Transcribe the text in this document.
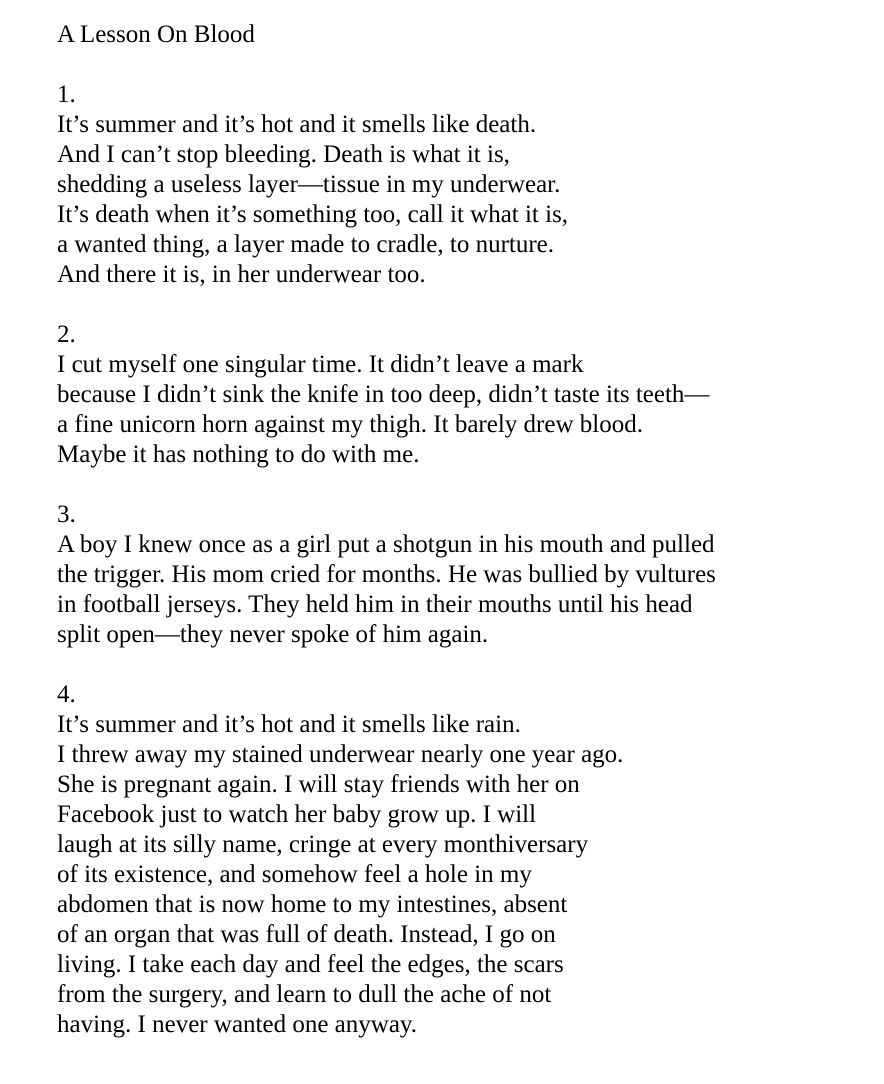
A Lesson On Blood
1.
It’s summer and it’s hot and it smells like death.
And I can’t stop bleeding. Death is what it is,
shedding a useless layer—tissue in my underwear.
It’s death when it’s something too, call it what it is,
a wanted thing, a layer made to cradle, to nurture.
And there it is, in her underwear too.
2.
I cut myself one singular time. It didn’t leave a mark
because I didn’t sink the knife in too deep, didn’t taste its teeth—
a fine unicorn horn against my thigh. It barely drew blood.
Maybe it has nothing to do with me.
3.
A boy I knew once as a girl put a shotgun in his mouth and pulled
the trigger. His mom cried for months. He was bullied by vultures
in football jerseys. They held him in their mouths until his head
split open—they never spoke of him again.
4.
It’s summer and it’s hot and it smells like rain.
I threw away my stained underwear nearly one year ago.
She is pregnant again. I will stay friends with her on
Facebook just to watch her baby grow up. I will
laugh at its silly name, cringe at every monthiversary
of its existence, and somehow feel a hole in my
abdomen that is now home to my intestines, absent
of an organ that was full of death. Instead, I go on
living. I take each day and feel the edges, the scars
from the surgery, and learn to dull the ache of not
having. I never wanted one anyway.
